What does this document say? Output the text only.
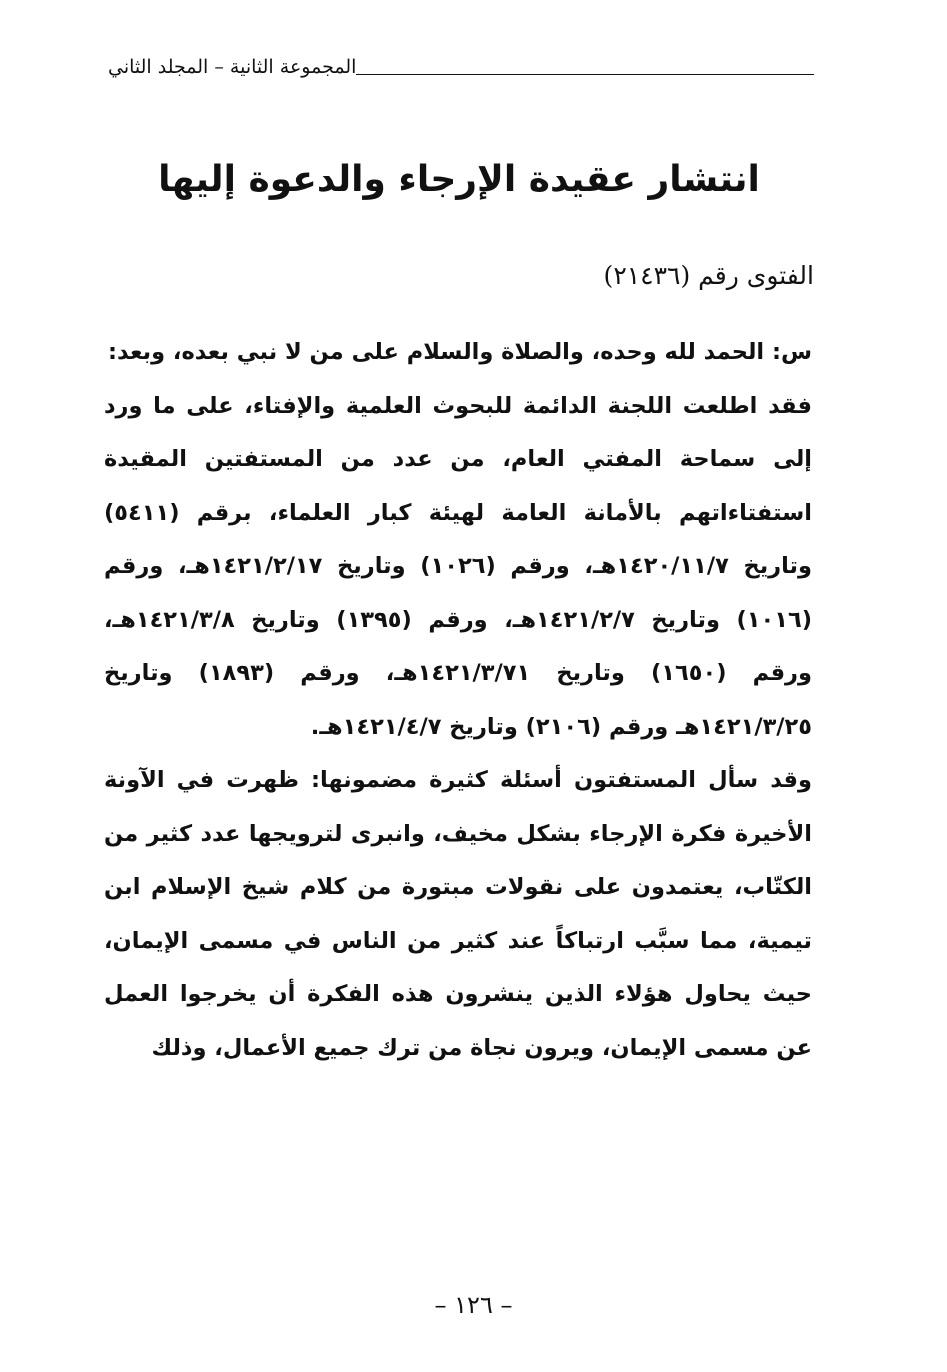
المجموعة الثانية – المجلد الثاني
انتشار عقيدة الإرجاء والدعوة إليها
الفتوى رقم (٢١٤٣٦)

س: الحمد لله وحده، والصلاة والسلام على من لا نبي بعده، وبعد:

فقد اطلعت اللجنة الدائمة للبحوث العلمية والإفتاء، على ما ورد إلى سماحة المفتي العام، من عدد من المستفتين المقيدة استفتاءاتهم بالأمانة العامة لهيئة كبار العلماء، برقم (٥٤١١) وتاريخ ١٤٢٠/١١/٧هـ، ورقم (١٠٢٦) وتاريخ ١٤٢١/٢/١٧هـ، ورقم (١٠١٦) وتاريخ ١٤٢١/٢/٧هـ، ورقم (١٣٩٥) وتاريخ ١٤٢١/٣/٨هـ، ورقم (١٦٥٠) وتاريخ ١٤٢١/٣/٧١هـ، ورقم (١٨٩٣) وتاريخ ١٤٢١/٣/٢٥هـ ورقم (٢١٠٦) وتاريخ ١٤٢١/٤/٧هـ.

وقد سأل المستفتون أسئلة كثيرة مضمونها: ظهرت في الآونة الأخيرة فكرة الإرجاء بشكل مخيف، وانبرى لترويجها عدد كثير من الكتّاب، يعتمدون على نقولات مبتورة من كلام شيخ الإسلام ابن تيمية، مما سبَّب ارتباكاً عند كثير من الناس في مسمى الإيمان، حيث يحاول هؤلاء الذين ينشرون هذه الفكرة أن يخرجوا العمل عن مسمى الإيمان، ويرون نجاة من ترك جميع الأعمال، وذلك

– ١٢٦ –
